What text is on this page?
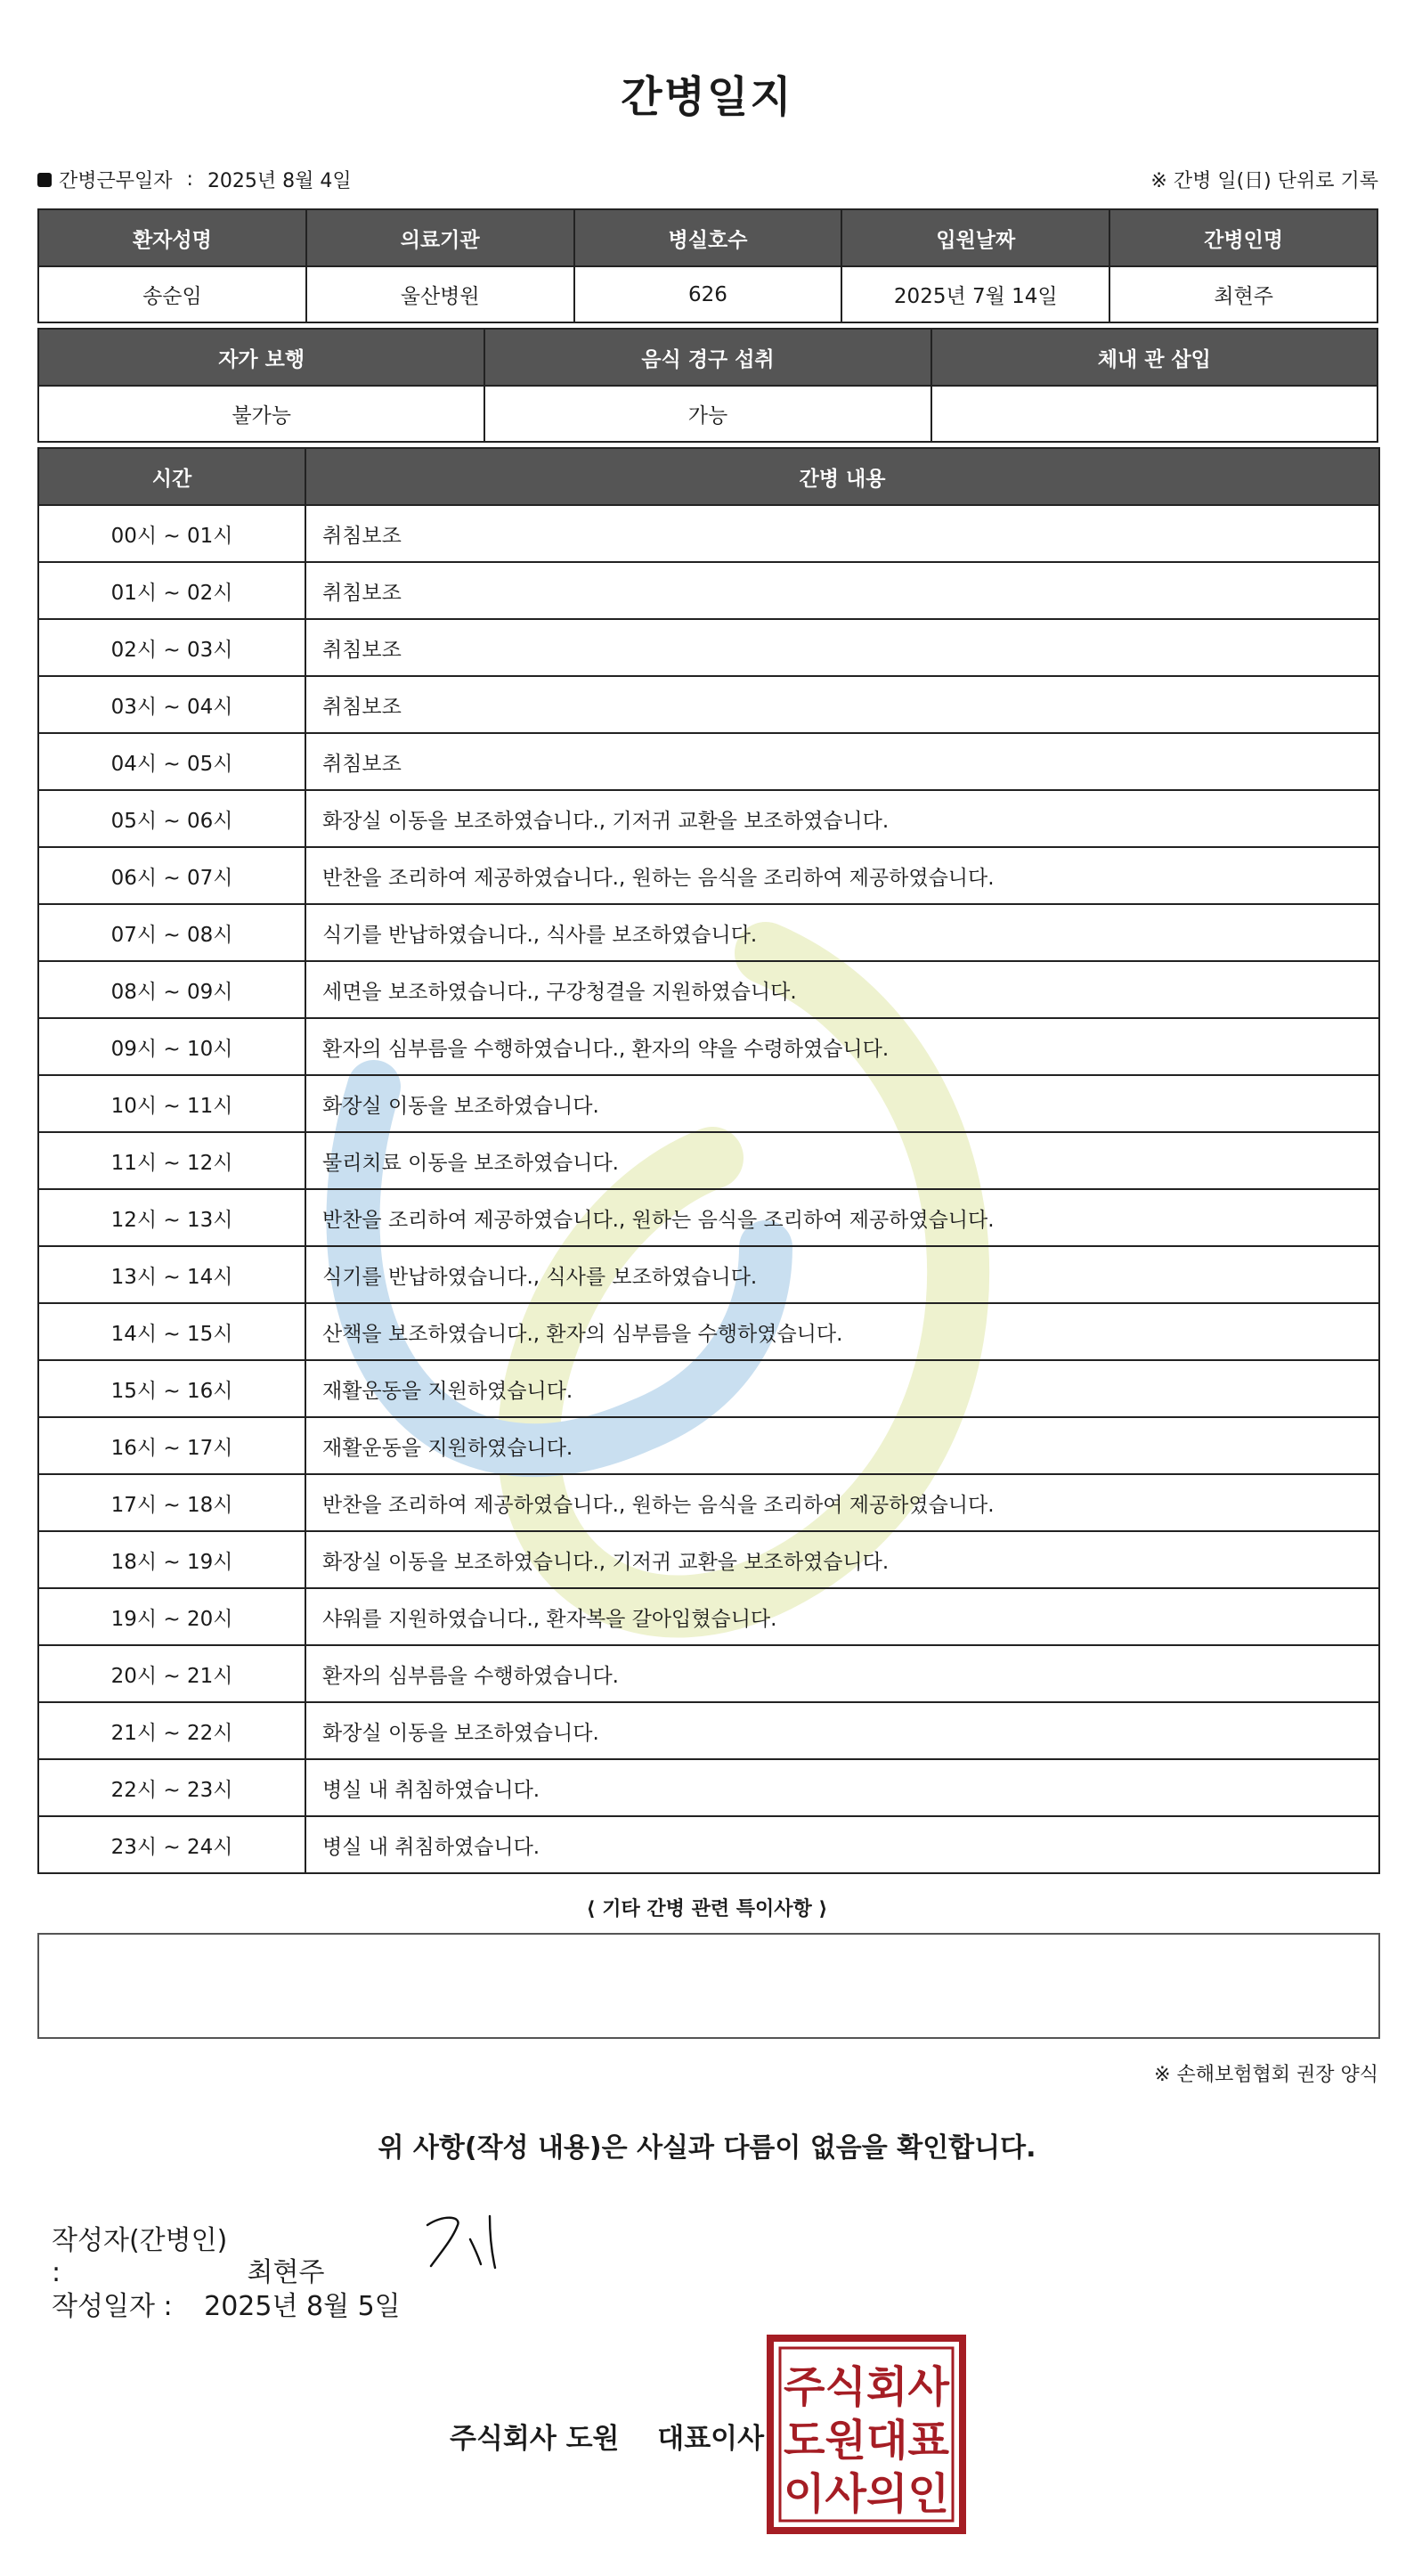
간병일지
간병근무일자 : 2025년 8월 4일	※ 간병 일(日) 단위로 기록
환자성명	의료기관	병실호수	입원날짜	간병인명
송순임	울산병원	626	2025년 7월 14일	최현주
자가 보행	음식 경구 섭취	체내 관 삽입
불가능	가능	
시간	간병 내용
00시 ~ 01시	취침보조
01시 ~ 02시	취침보조
02시 ~ 03시	취침보조
03시 ~ 04시	취침보조
04시 ~ 05시	취침보조
05시 ~ 06시	화장실 이동을 보조하였습니다., 기저귀 교환을 보조하였습니다.
06시 ~ 07시	반찬을 조리하여 제공하였습니다., 원하는 음식을 조리하여 제공하였습니다.
07시 ~ 08시	식기를 반납하였습니다., 식사를 보조하였습니다.
08시 ~ 09시	세면을 보조하였습니다., 구강청결을 지원하였습니다.
09시 ~ 10시	환자의 심부름을 수행하였습니다., 환자의 약을 수령하였습니다.
10시 ~ 11시	화장실 이동을 보조하였습니다.
11시 ~ 12시	물리치료 이동을 보조하였습니다.
12시 ~ 13시	반찬을 조리하여 제공하였습니다., 원하는 음식을 조리하여 제공하였습니다.
13시 ~ 14시	식기를 반납하였습니다., 식사를 보조하였습니다.
14시 ~ 15시	산책을 보조하였습니다., 환자의 심부름을 수행하였습니다.
15시 ~ 16시	재활운동을 지원하였습니다.
16시 ~ 17시	재활운동을 지원하였습니다.
17시 ~ 18시	반찬을 조리하여 제공하였습니다., 원하는 음식을 조리하여 제공하였습니다.
18시 ~ 19시	화장실 이동을 보조하였습니다., 기저귀 교환을 보조하였습니다.
19시 ~ 20시	샤워를 지원하였습니다., 환자복을 갈아입혔습니다.
20시 ~ 21시	환자의 심부름을 수행하였습니다.
21시 ~ 22시	화장실 이동을 보조하였습니다.
22시 ~ 23시	병실 내 취침하였습니다.
23시 ~ 24시	병실 내 취침하였습니다.
⟨ 기타 간병 관련 특이사항 ⟩
※ 손해보험협회 권장 양식
위 사항(작성 내용)은 사실과 다름이 없음을 확인합니다.
작성자(간병인) :	최현주
작성일자 : 2025년 8월 5일
주식회사 도원 대표이사
주식회사
도원대표
이사의인
